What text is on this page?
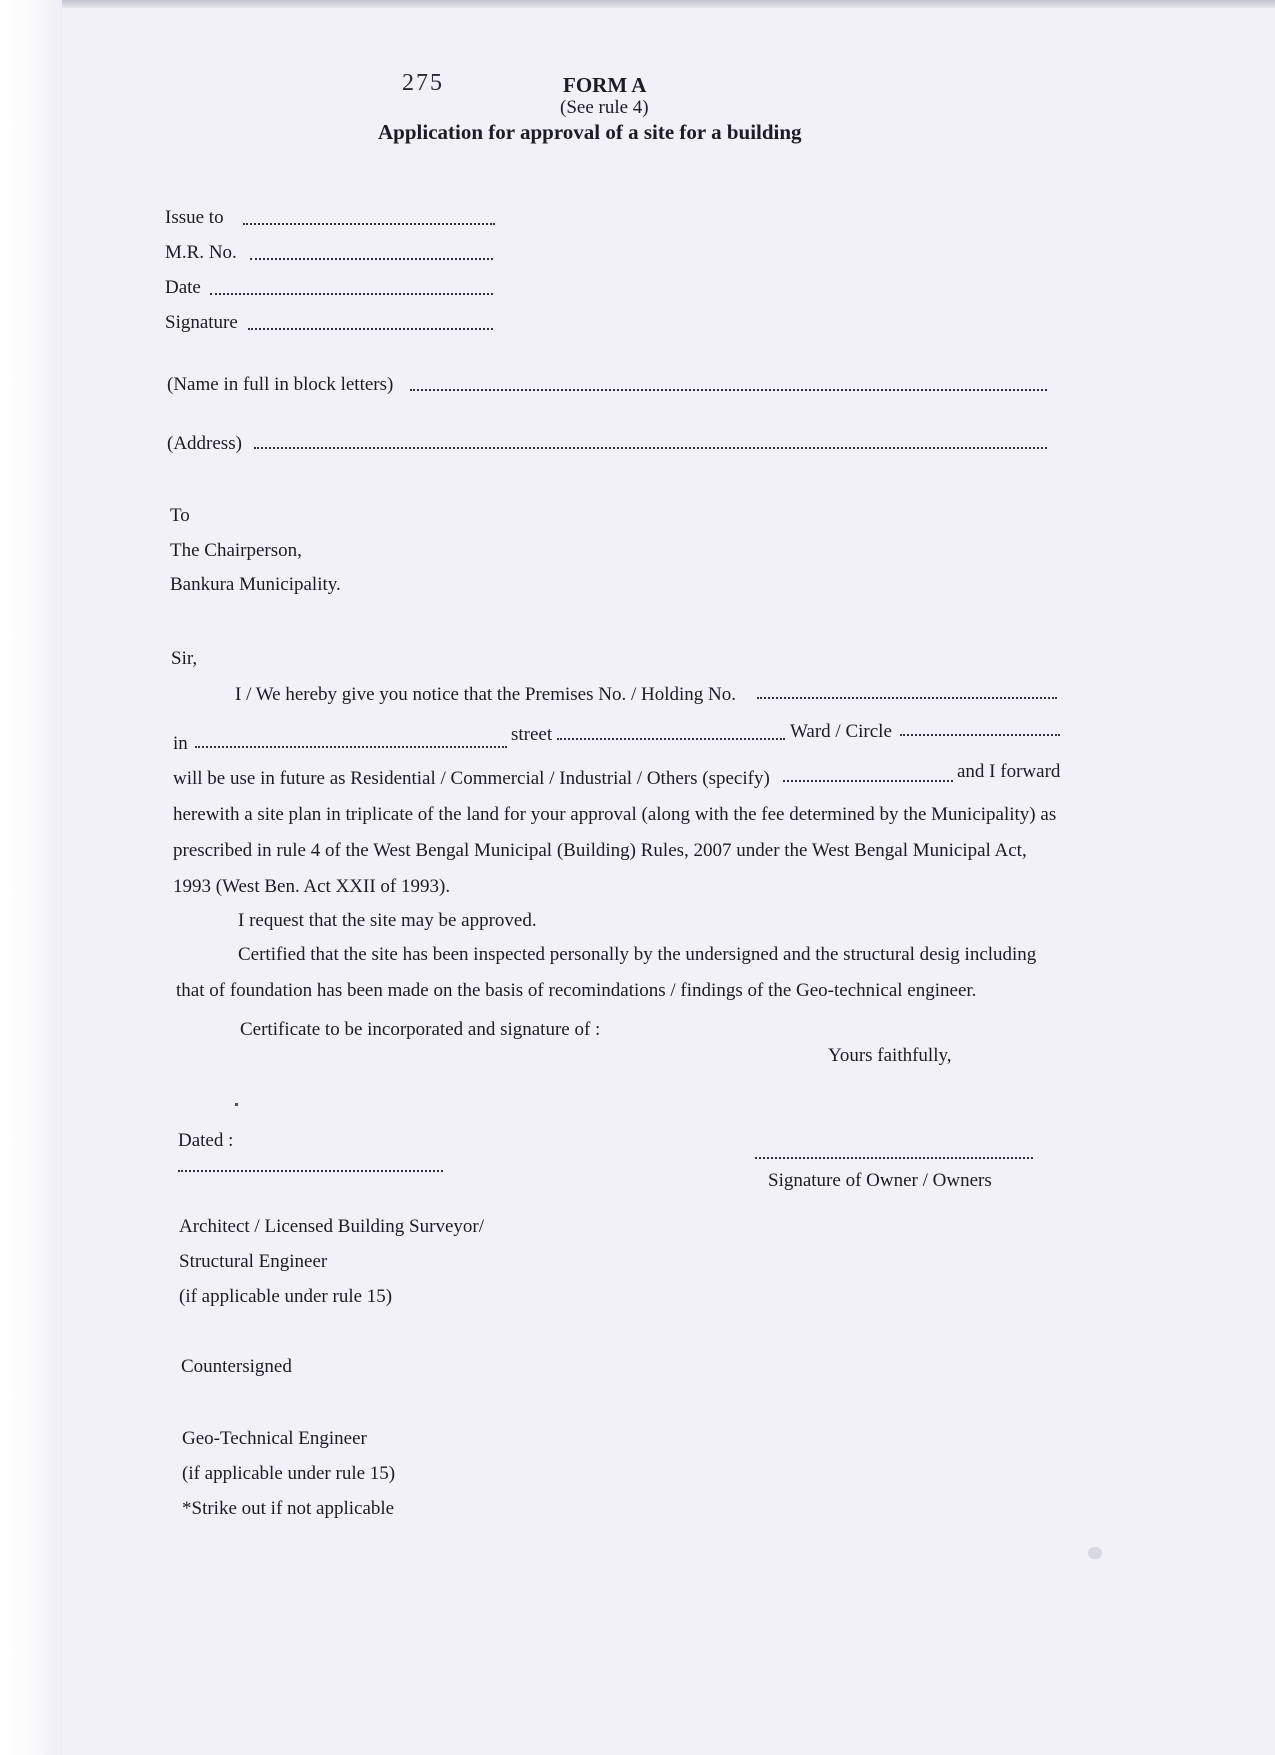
275	FORM A
(See rule 4)
Application for approval of a site for a building
Issue to
M.R. No.
Date
Signature
(Name in full in block letters)
(Address)
To
The Chairperson,
Bankura Municipality.
Sir,
I / We hereby give you notice that the Premises No. / Holding No.
in	street	Ward / Circle
will be use in future as Residential / Commercial / Industrial / Others (specify)	and I forward
herewith a site plan in triplicate of the land for your approval (along with the fee determined by the Municipality) as
prescribed in rule 4 of the West Bengal Municipal (Building) Rules, 2007 under the West Bengal Municipal Act,
1993 (West Ben. Act XXII of 1993).
I request that the site may be approved.
Certified that the site has been inspected personally by the undersigned and the structural desig including
that of foundation has been made on the basis of recomindations / findings of the Geo-technical engineer.
Certificate to be incorporated and signature of :
Yours faithfully,
Dated :
Signature of Owner / Owners
Architect / Licensed Building Surveyor/
Structural Engineer
(if applicable under rule 15)
Countersigned
Geo-Technical Engineer
(if applicable under rule 15)
*Strike out if not applicable
